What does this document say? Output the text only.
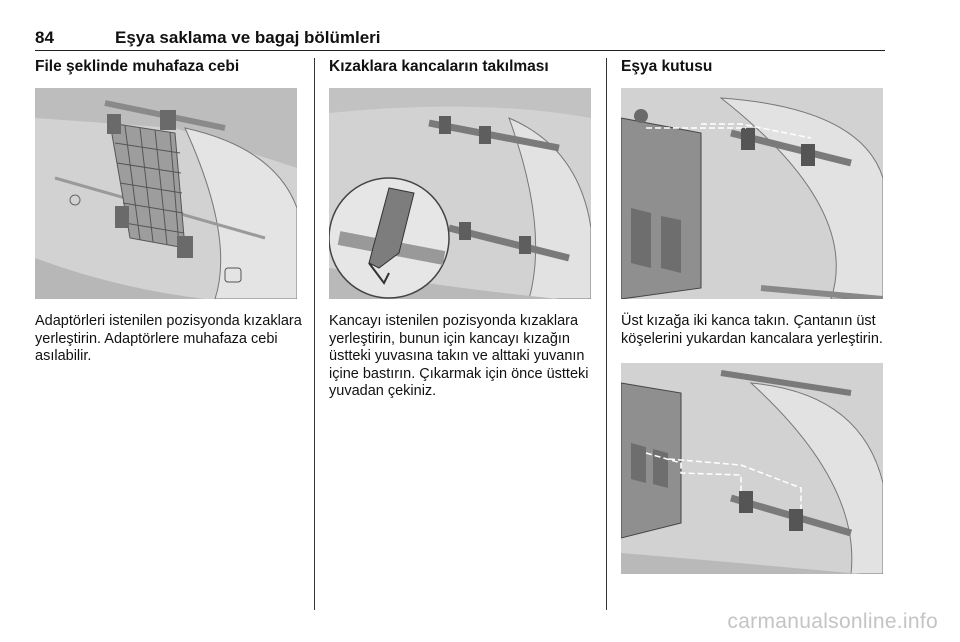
84	Eşya saklama ve bagaj bölümleri
File şeklinde muhafaza cebi

Adaptörleri istenilen pozisyonda kızaklara yerleştirin. Adaptörlere muhafaza cebi asılabilir.

Kızaklara kancaların takılması

Kancayı istenilen pozisyonda kızaklara yerleştirin, bunun için kancayı kızağın üstteki yuvasına takın ve alttaki yuvanın içine bastırın. Çıkarmak için önce üstteki yuvadan çekiniz.

Eşya kutusu

Üst kızağa iki kanca takın. Çantanın üst köşelerini yukardan kancalara yerleştirin.

carmanualsonline.info
